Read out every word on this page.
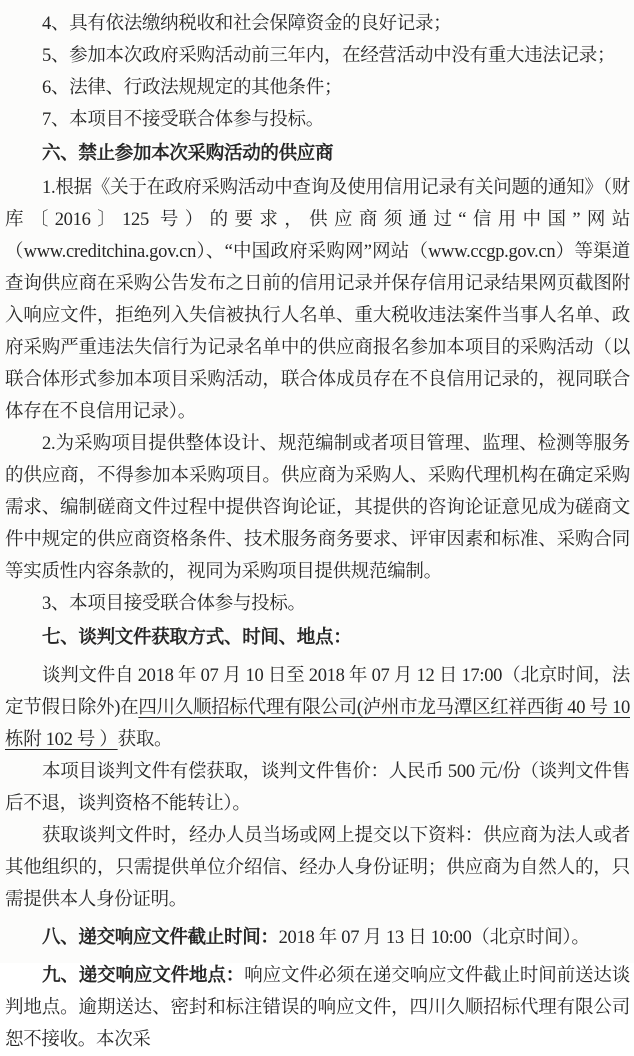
4、具有依法缴纳税收和社会保障资金的良好记录；

5、参加本次政府采购活动前三年内，在经营活动中没有重大违法记录；

6、法律、行政法规规定的其他条件；

7、本项目不接受联合体参与投标。

六、禁止参加本次采购活动的供应商

1.根据《关于在政府采购活动中查询及使用信用记录有关问题的通知》（财库〔2016〕125 号）的要求，供应商须通过“信用中国”网站（www.creditchina.gov.cn）、“中国政府采购网”网站（www.ccgp.gov.cn）等渠道查询供应商在采购公告发布之日前的信用记录并保存信用记录结果网页截图附入响应文件，拒绝列入失信被执行人名单、重大税收违法案件当事人名单、政府采购严重违法失信行为记录名单中的供应商报名参加本项目的采购活动（以联合体形式参加本项目采购活动，联合体成员存在不良信用记录的，视同联合体存在不良信用记录）。

2.为采购项目提供整体设计、规范编制或者项目管理、监理、检测等服务的供应商，不得参加本采购项目。供应商为采购人、采购代理机构在确定采购需求、编制磋商文件过程中提供咨询论证，其提供的咨询论证意见成为磋商文件中规定的供应商资格条件、技术服务商务要求、评审因素和标准、采购合同等实质性内容条款的，视同为采购项目提供规范编制。

3、本项目接受联合体参与投标。

七、谈判文件获取方式、时间、地点：

谈判文件自 2018 年 07 月 10 日至 2018 年 07 月 12 日 17:00（北京时间，法定节假日除外)在四川久顺招标代理有限公司(泸州市龙马潭区红祥西街 40 号 10 栋附 102 号 ）获取。

本项目谈判文件有偿获取，谈判文件售价：人民币 500 元/份（谈判文件售后不退，谈判资格不能转让）。

获取谈判文件时，经办人员当场或网上提交以下资料：供应商为法人或者其他组织的，只需提供单位介绍信、经办人身份证明；供应商为自然人的，只需提供本人身份证明。

八、递交响应文件截止时间：2018 年 07 月 13 日 10:00（北京时间）。

九、递交响应文件地点：响应文件必须在递交响应文件截止时间前送达谈判地点。逾期送达、密封和标注错误的响应文件，四川久顺招标代理有限公司恕不接收。本次采
